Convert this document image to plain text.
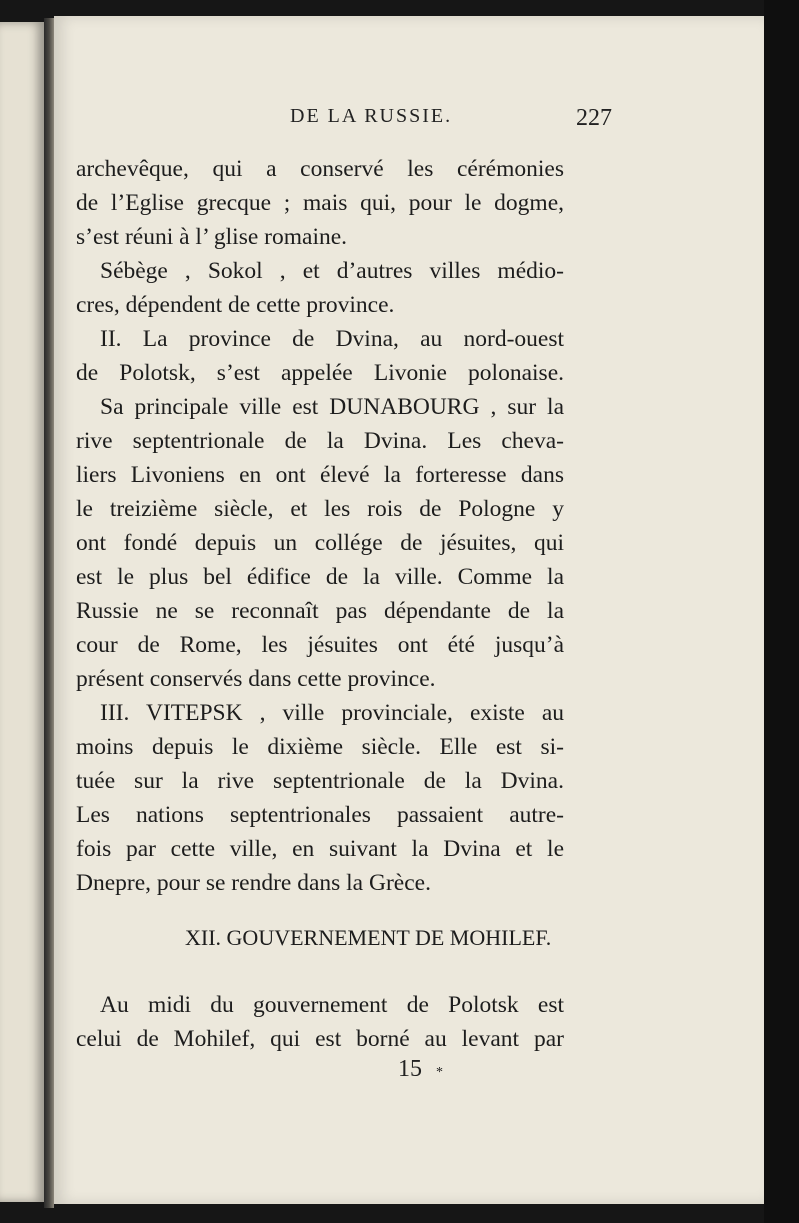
DE LA RUSSIE.	227
archevêque, qui a conservé les cérémonies
de l’Eglise grecque ; mais qui, pour le dogme,
s’est réuni à l’ glise romaine.
Sébège , Sokol , et d’autres villes médio-
cres, dépendent de cette province.
II. La province de Dvina, au nord-ouest
de Polotsk, s’est appelée Livonie polonaise.
Sa principale ville est DUNABOURG , sur la
rive septentrionale de la Dvina. Les cheva-
liers Livoniens en ont élevé la forteresse dans
le treizième siècle, et les rois de Pologne y
ont fondé depuis un collége de jésuites, qui
est le plus bel édifice de la ville. Comme la
Russie ne se reconnaît pas dépendante de la
cour de Rome, les jésuites ont été jusqu’à
présent conservés dans cette province.
III. VITEPSK , ville provinciale, existe au
moins depuis le dixième siècle. Elle est si-
tuée sur la rive septentrionale de la Dvina.
Les nations septentrionales passaient autre-
fois par cette ville, en suivant la Dvina et le
Dnepre, pour se rendre dans la Grèce.
XII. GOUVERNEMENT DE MOHILEF.
Au midi du gouvernement de Polotsk est
celui de Mohilef, qui est borné au levant par
15 *
